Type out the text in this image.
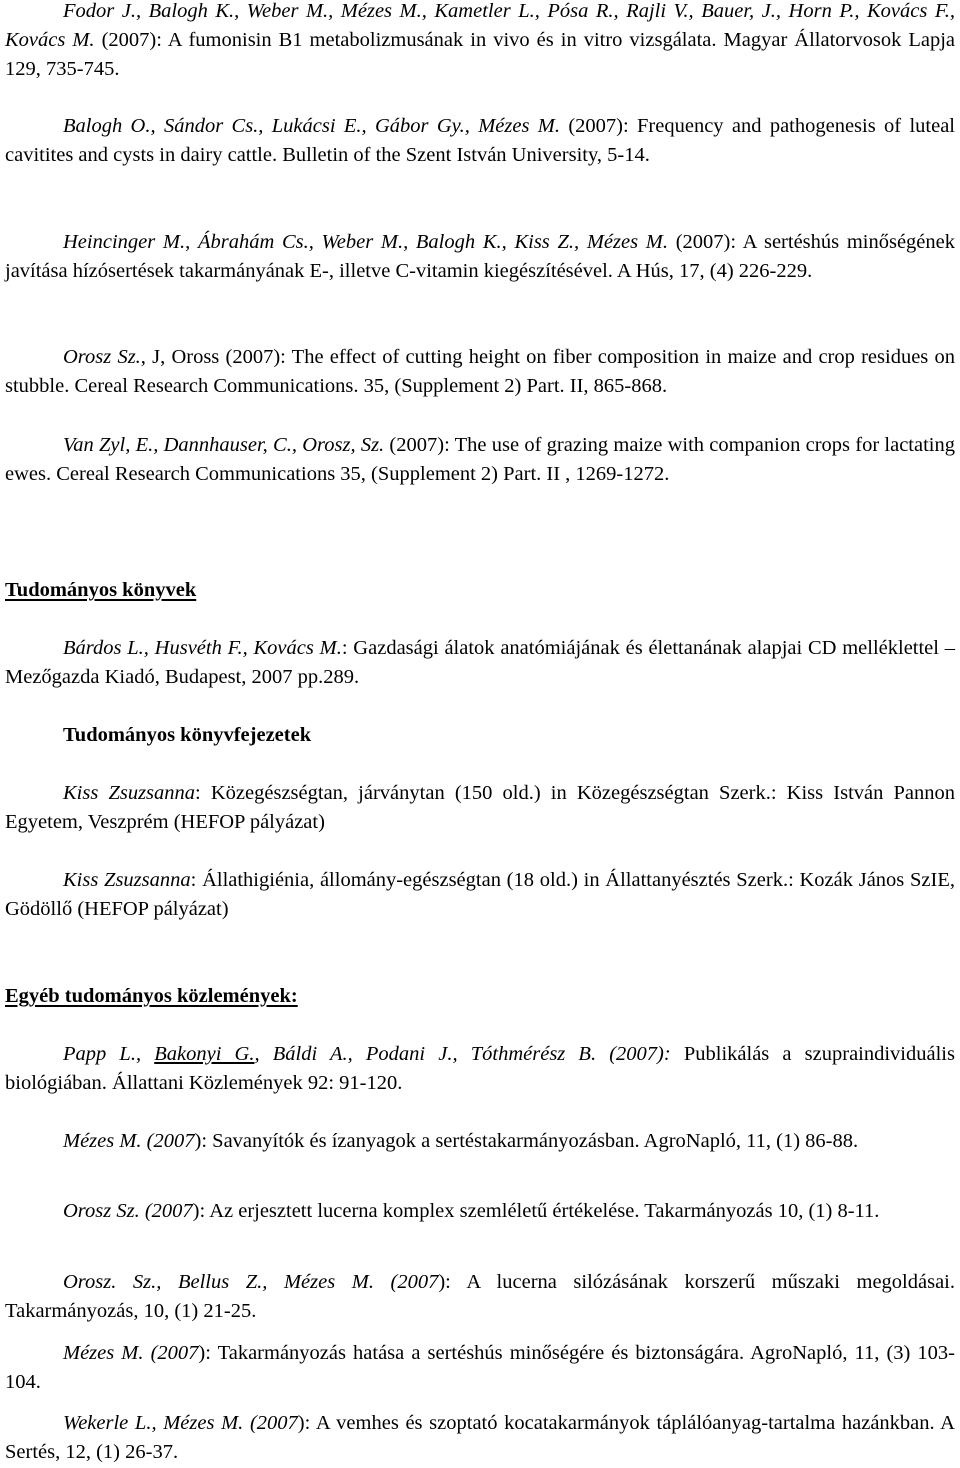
Fodor J., Balogh K., Weber M., Mézes M., Kametler L., Pósa R., Rajli V., Bauer, J., Horn P., Kovács F., Kovács M. (2007): A fumonisin B1 metabolizmusának in vivo és in vitro vizsgálata. Magyar Állatorvosok Lapja 129, 735-745.

Balogh O., Sándor Cs., Lukácsi E., Gábor Gy., Mézes M. (2007): Frequency and pathogenesis of luteal cavitites and cysts in dairy cattle. Bulletin of the Szent István University, 5-14.

Heincinger M., Ábrahám Cs., Weber M., Balogh K., Kiss Z., Mézes M. (2007): A sertéshús minőségének javítása hízósertések takarmányának E-, illetve C-vitamin kiegészítésével. A Hús, 17, (4) 226-229.

Orosz Sz., J, Oross (2007): The effect of cutting height on fiber composition in maize and crop residues on stubble. Cereal Research Communications. 35, (Supplement 2) Part. II, 865-868.

Van Zyl, E., Dannhauser, C., Orosz, Sz. (2007): The use of grazing maize with companion crops for lactating ewes. Cereal Research Communications 35, (Supplement 2) Part. II , 1269-1272.

Tudományos könyvek

Bárdos L., Husvéth F., Kovács M.: Gazdasági álatok anatómiájának és élettanának alapjai CD melléklettel – Mezőgazda Kiadó, Budapest, 2007 pp.289.

Tudományos könyvfejezetek

Kiss Zsuzsanna: Közegészségtan, járványtan (150 old.) in Közegészségtan Szerk.: Kiss István Pannon Egyetem, Veszprém (HEFOP pályázat)

Kiss Zsuzsanna: Állathigiénia, állomány-egészségtan (18 old.) in Állattanyésztés Szerk.: Kozák János SzIE, Gödöllő (HEFOP pályázat)

Egyéb tudományos közlemények:

Papp L., Bakonyi G., Báldi A., Podani J., Tóthmérész B. (2007): Publikálás a szupraindividuális biológiában. Állattani Közlemények 92: 91-120.

Mézes M. (2007): Savanyítók és ízanyagok a sertéstakarmányozásban. AgroNapló, 11, (1) 86-88.

Orosz Sz. (2007): Az erjesztett lucerna komplex szemléletű értékelése. Takarmányozás 10, (1) 8-11.

Orosz. Sz., Bellus Z., Mézes M. (2007): A lucerna silózásának korszerű műszaki megoldásai. Takarmányozás, 10, (1) 21-25.

Mézes M. (2007): Takarmányozás hatása a sertéshús minőségére és biztonságára. AgroNapló, 11, (3) 103-104.

Wekerle L., Mézes M. (2007): A vemhes és szoptató kocatakarmányok táplálóanyag-tartalma hazánkban. A Sertés, 12, (1) 26-37.
